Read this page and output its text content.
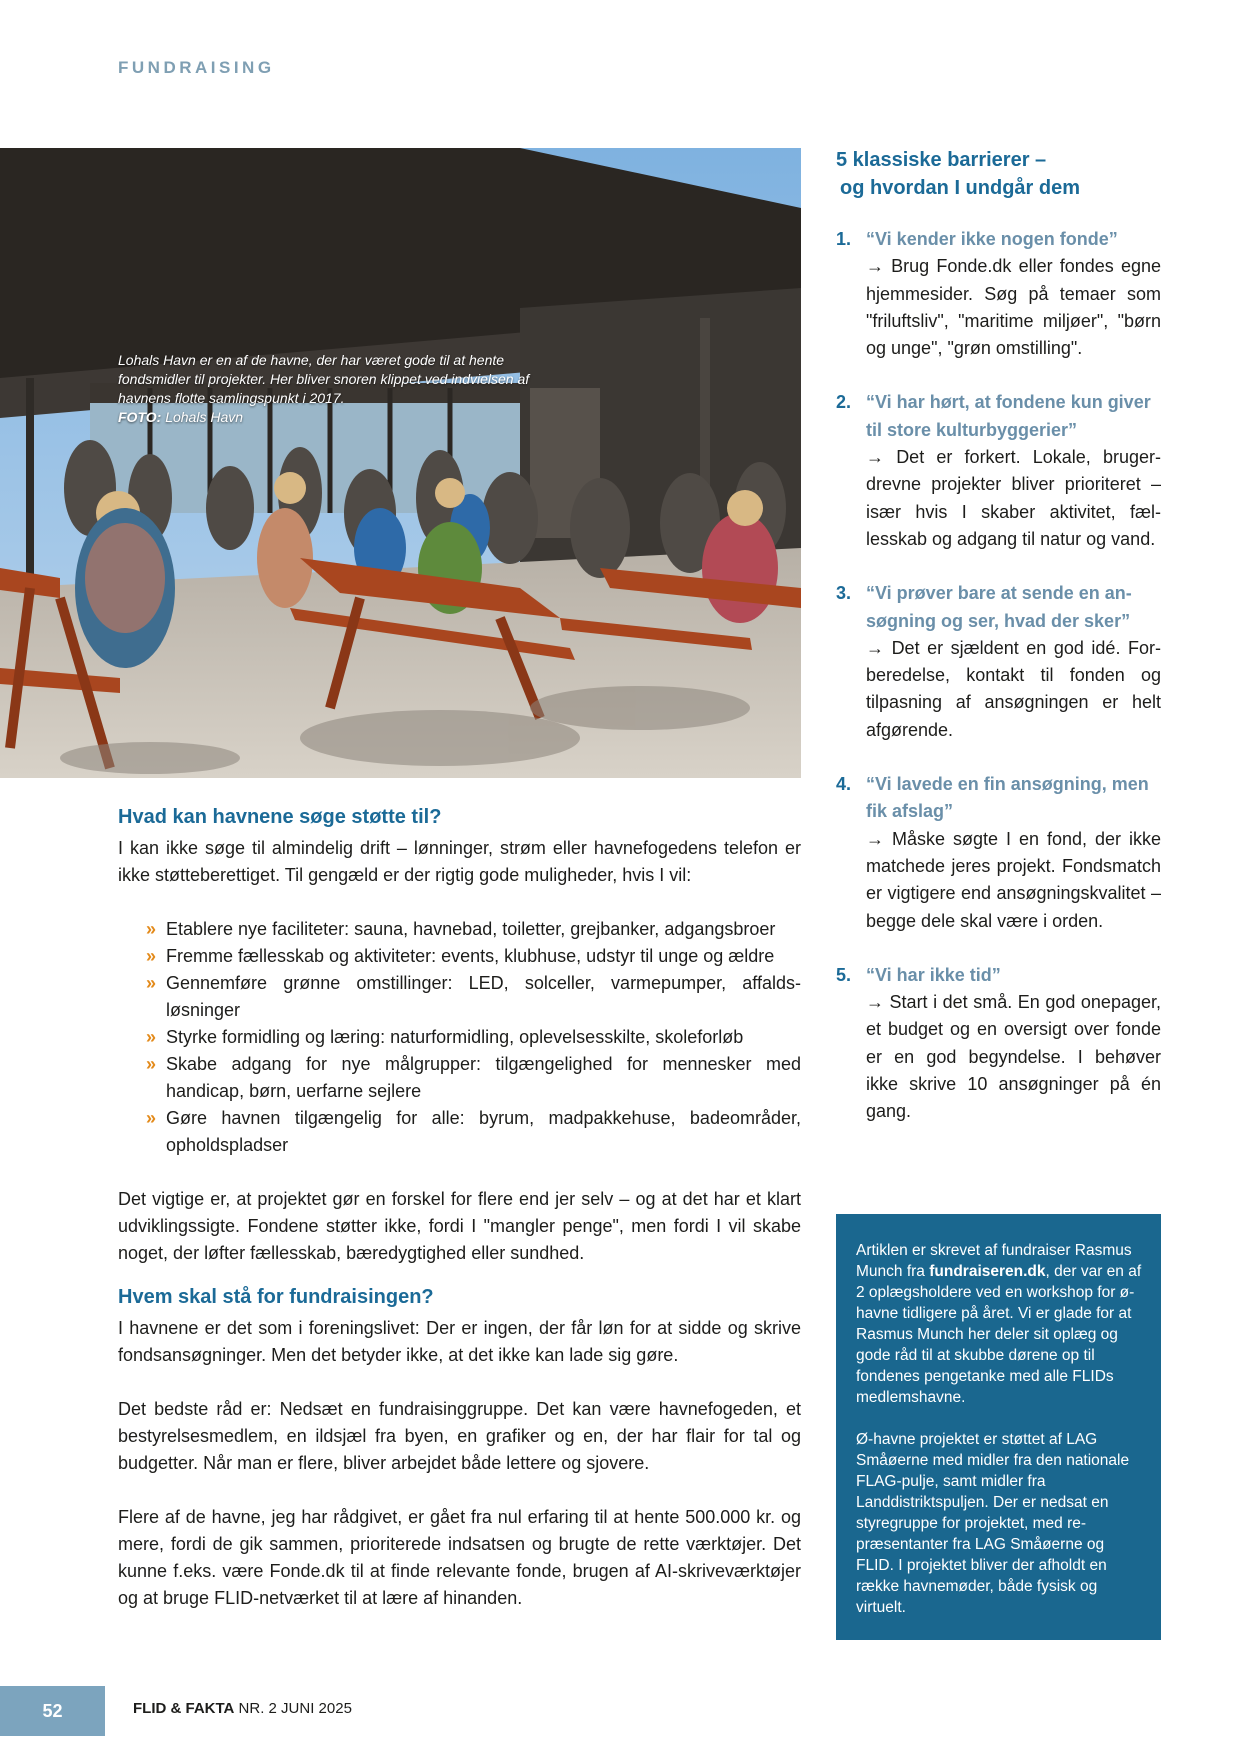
FUNDRAISING
Lohals Havn er en af de havne, der har været gode til at hente fondsmidler til projekter. Her bliver snoren klippet ved indvielsen af havnens flotte samlingspunkt i 2017.
FOTO: Lohals Havn
Hvad kan havnene søge støtte til?

I kan ikke søge til almindelig drift – lønninger, strøm eller havnefogedens telefon er ikke støtteberettiget. Til gengæld er der rigtig gode muligheder, hvis I vil:

» Etablere nye faciliteter: sauna, havnebad, toiletter, grejbanker, adgangsbroer
» Fremme fællesskab og aktiviteter: events, klubhuse, udstyr til unge og ældre
» Gennemføre grønne omstillinger: LED, solceller, varmepumper, affaldsløsninger
» Styrke formidling og læring: naturformidling, oplevelsesskilte, skoleforløb
» Skabe adgang for nye målgrupper: tilgængelighed for mennesker med handicap, børn, uerfarne sejlere
» Gøre havnen tilgængelig for alle: byrum, madpakkehuse, badeområder, opholdspladser

Det vigtige er, at projektet gør en forskel for flere end jer selv – og at det har et klart udviklingssigte. Fondene støtter ikke, fordi I "mangler penge", men fordi I vil skabe noget, der løfter fællesskab, bæredygtighed eller sundhed.

Hvem skal stå for fundraisingen?

I havnene er det som i foreningslivet: Der er ingen, der får løn for at sidde og skrive fondsansøgninger. Men det betyder ikke, at det ikke kan lade sig gøre.

Det bedste råd er: Nedsæt en fundraisinggruppe. Det kan være havnefogeden, et bestyrelsesmedlem, en ildsjæl fra byen, en grafiker og en, der har flair for tal og budgetter. Når man er flere, bliver arbejdet både lettere og sjovere.

Flere af de havne, jeg har rådgivet, er gået fra nul erfaring til at hente 500.000 kr. og mere, fordi de gik sammen, prioriterede indsatsen og brugte de rette værktøjer. Det kunne f.eks. være Fonde.dk til at finde relevante fonde, brugen af AI-skriveværktøjer og at bruge FLID-netværket til at lære af hinanden.

5 klassiske barrierer –
og hvordan I undgår dem
1. “Vi kender ikke nogen fonde”
→ Brug Fonde.dk eller fondes egne hjemmesider. Søg på temaer som "friluftsliv", "maritime miljøer", "børn og unge", "grøn omstilling".
2. “Vi har hørt, at fondene kun giver til store kulturbyggerier”
→ Det er forkert. Lokale, brugerdrevne projekter bliver prioriteret – især hvis I skaber aktivitet, fællesskab og adgang til natur og vand.
3. “Vi prøver bare at sende en ansøgning og ser, hvad der sker”
→ Det er sjældent en god idé. Forberedelse, kontakt til fonden og tilpasning af ansøgningen er helt afgørende.
4. “Vi lavede en fin ansøgning, men fik afslag”
→ Måske søgte I en fond, der ikke matchede jeres projekt. Fondsmatch er vigtigere end ansøgningskvalitet – begge dele skal være i orden.
5. “Vi har ikke tid”
→ Start i det små. En god onepager, et budget og en oversigt over fonde er en god begyndelse. I behøver ikke skrive 10 ansøgninger på én gang.

Artiklen er skrevet af fundraiser Rasmus Munch fra fundraiseren.dk, der var en af 2 oplægsholdere ved en workshop for ø-havne tidligere på året. Vi er glade for at Rasmus Munch her deler sit oplæg og gode råd til at skubbe dørene op til fondenes pengetanke med alle FLIDs medlemshavne.

Ø-havne projektet er støttet af LAG Småøerne med midler fra den nationale FLAG-pulje, samt midler fra Landdistriktspuljen. Der er nedsat en styregruppe for projektet, med repræsentanter fra LAG Småøerne og FLID. I projektet bliver der afholdt en række havnemøder, både fysisk og virtuelt.

52	FLID & FAKTA NR. 2 JUNI 2025
